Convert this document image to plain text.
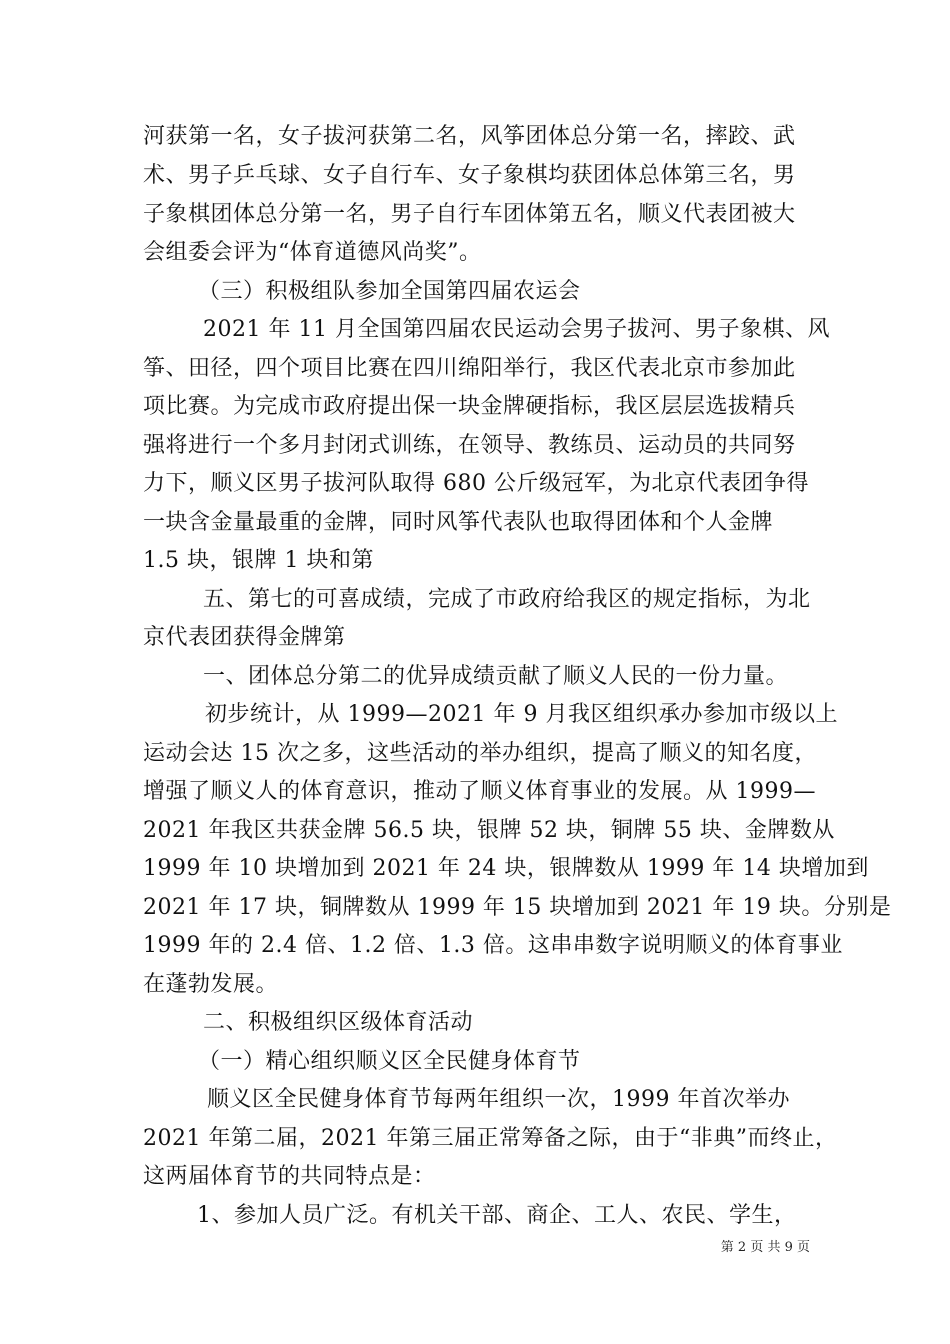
河获第一名，女子拔河获第二名，风筝团体总分第一名，摔跤、武

术、男子乒乓球、女子自行车、女子象棋均获团体总体第三名，男

子象棋团体总分第一名，男子自行车团体第五名，顺义代表团被大

会组委会评为“体育道德风尚奖”。

（三）积极组队参加全国第四届农运会

2021 年 11 月全国第四届农民运动会男子拔河、男子象棋、风

筝、田径，四个项目比赛在四川绵阳举行，我区代表北京市参加此

项比赛。为完成市政府提出保一块金牌硬指标，我区层层选拔精兵

强将进行一个多月封闭式训练，在领导、教练员、运动员的共同努

力下，顺义区男子拔河队取得 680 公斤级冠军，为北京代表团争得

一块含金量最重的金牌，同时风筝代表队也取得团体和个人金牌

1.5 块，银牌 1 块和第

五、第七的可喜成绩，完成了市政府给我区的规定指标，为北

京代表团获得金牌第

一、团体总分第二的优异成绩贡献了顺义人民的一份力量。

初步统计，从 1999—2021 年 9 月我区组织承办参加市级以上

运动会达 15 次之多，这些活动的举办组织，提高了顺义的知名度，

增强了顺义人的体育意识，推动了顺义体育事业的发展。从 1999—

2021 年我区共获金牌 56.5 块，银牌 52 块，铜牌 55 块、金牌数从

1999 年 10 块增加到 2021 年 24 块，银牌数从 1999 年 14 块增加到

2021 年 17 块，铜牌数从 1999 年 15 块增加到 2021 年 19 块。分别是

1999 年的 2.4 倍、1.2 倍、1.3 倍。这串串数字说明顺义的体育事业

在蓬勃发展。

二、积极组织区级体育活动

（一）精心组织顺义区全民健身体育节

顺义区全民健身体育节每两年组织一次，1999 年首次举办

2021 年第二届，2021 年第三届正常筹备之际，由于“非典”而终止，

这两届体育节的共同特点是：

1、参加人员广泛。有机关干部、商企、工人、农民、学生，

第 2 页 共 9 页
